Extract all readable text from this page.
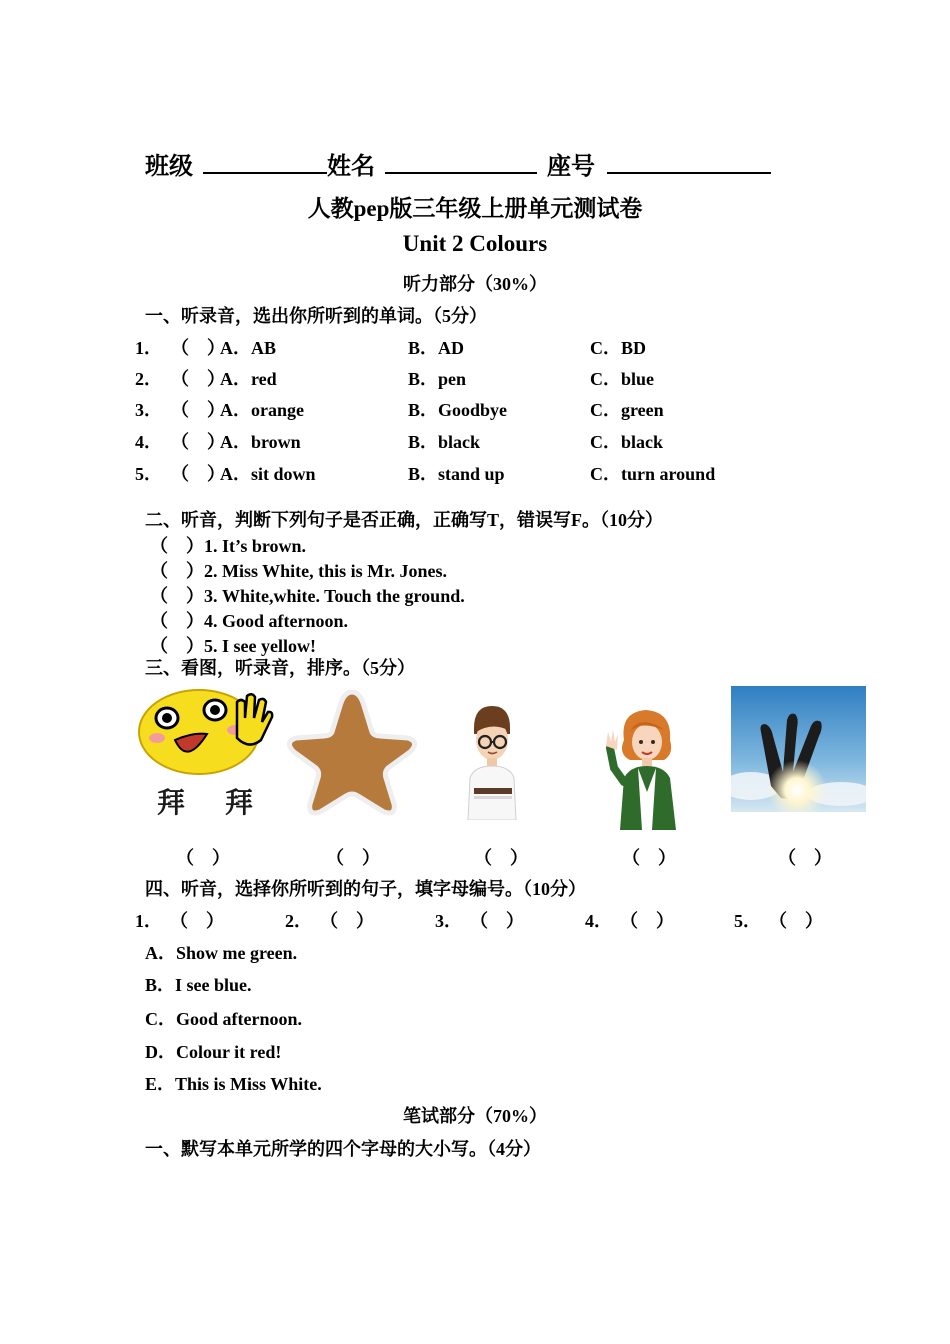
班级	姓名	座号
人教pep版三年级上册单元测试卷
Unit 2 Colours
听力部分（30%）
一、听录音，选出你所听到的单词。（5分）
1． （　）
A．AB	B．AD	C．BD
2． （　）
A．red	B．pen	C．blue
3． （　）
A．orange	B．Goodbye	C．green
4． （　）
A．brown	B．black	C．black
5． （　）
A．sit down	B．stand up	C．turn around
二、听音，判断下列句子是否正确，正确写T，错误写F。（10分）
（　）1. It’s brown.
（　）2. Miss White, this is Mr. Jones.
（　）3. White,white. Touch the ground.
（　）4. Good afternoon.
（　）5. I see yellow!
三、看图，听录音，排序。（5分）
拜　拜
（　）	（　）	（　）	（　）	（　）
四、听音，选择你所听到的句子，填字母编号。（10分）
1． （　）	2． （　）	3． （　）	4． （　）	5． （　）
A．Show me green.
B．I see blue.
C．Good afternoon.
D．Colour it red!
E．This is Miss White.
笔试部分（70%）
一、默写本单元所学的四个字母的大小写。（4分）
